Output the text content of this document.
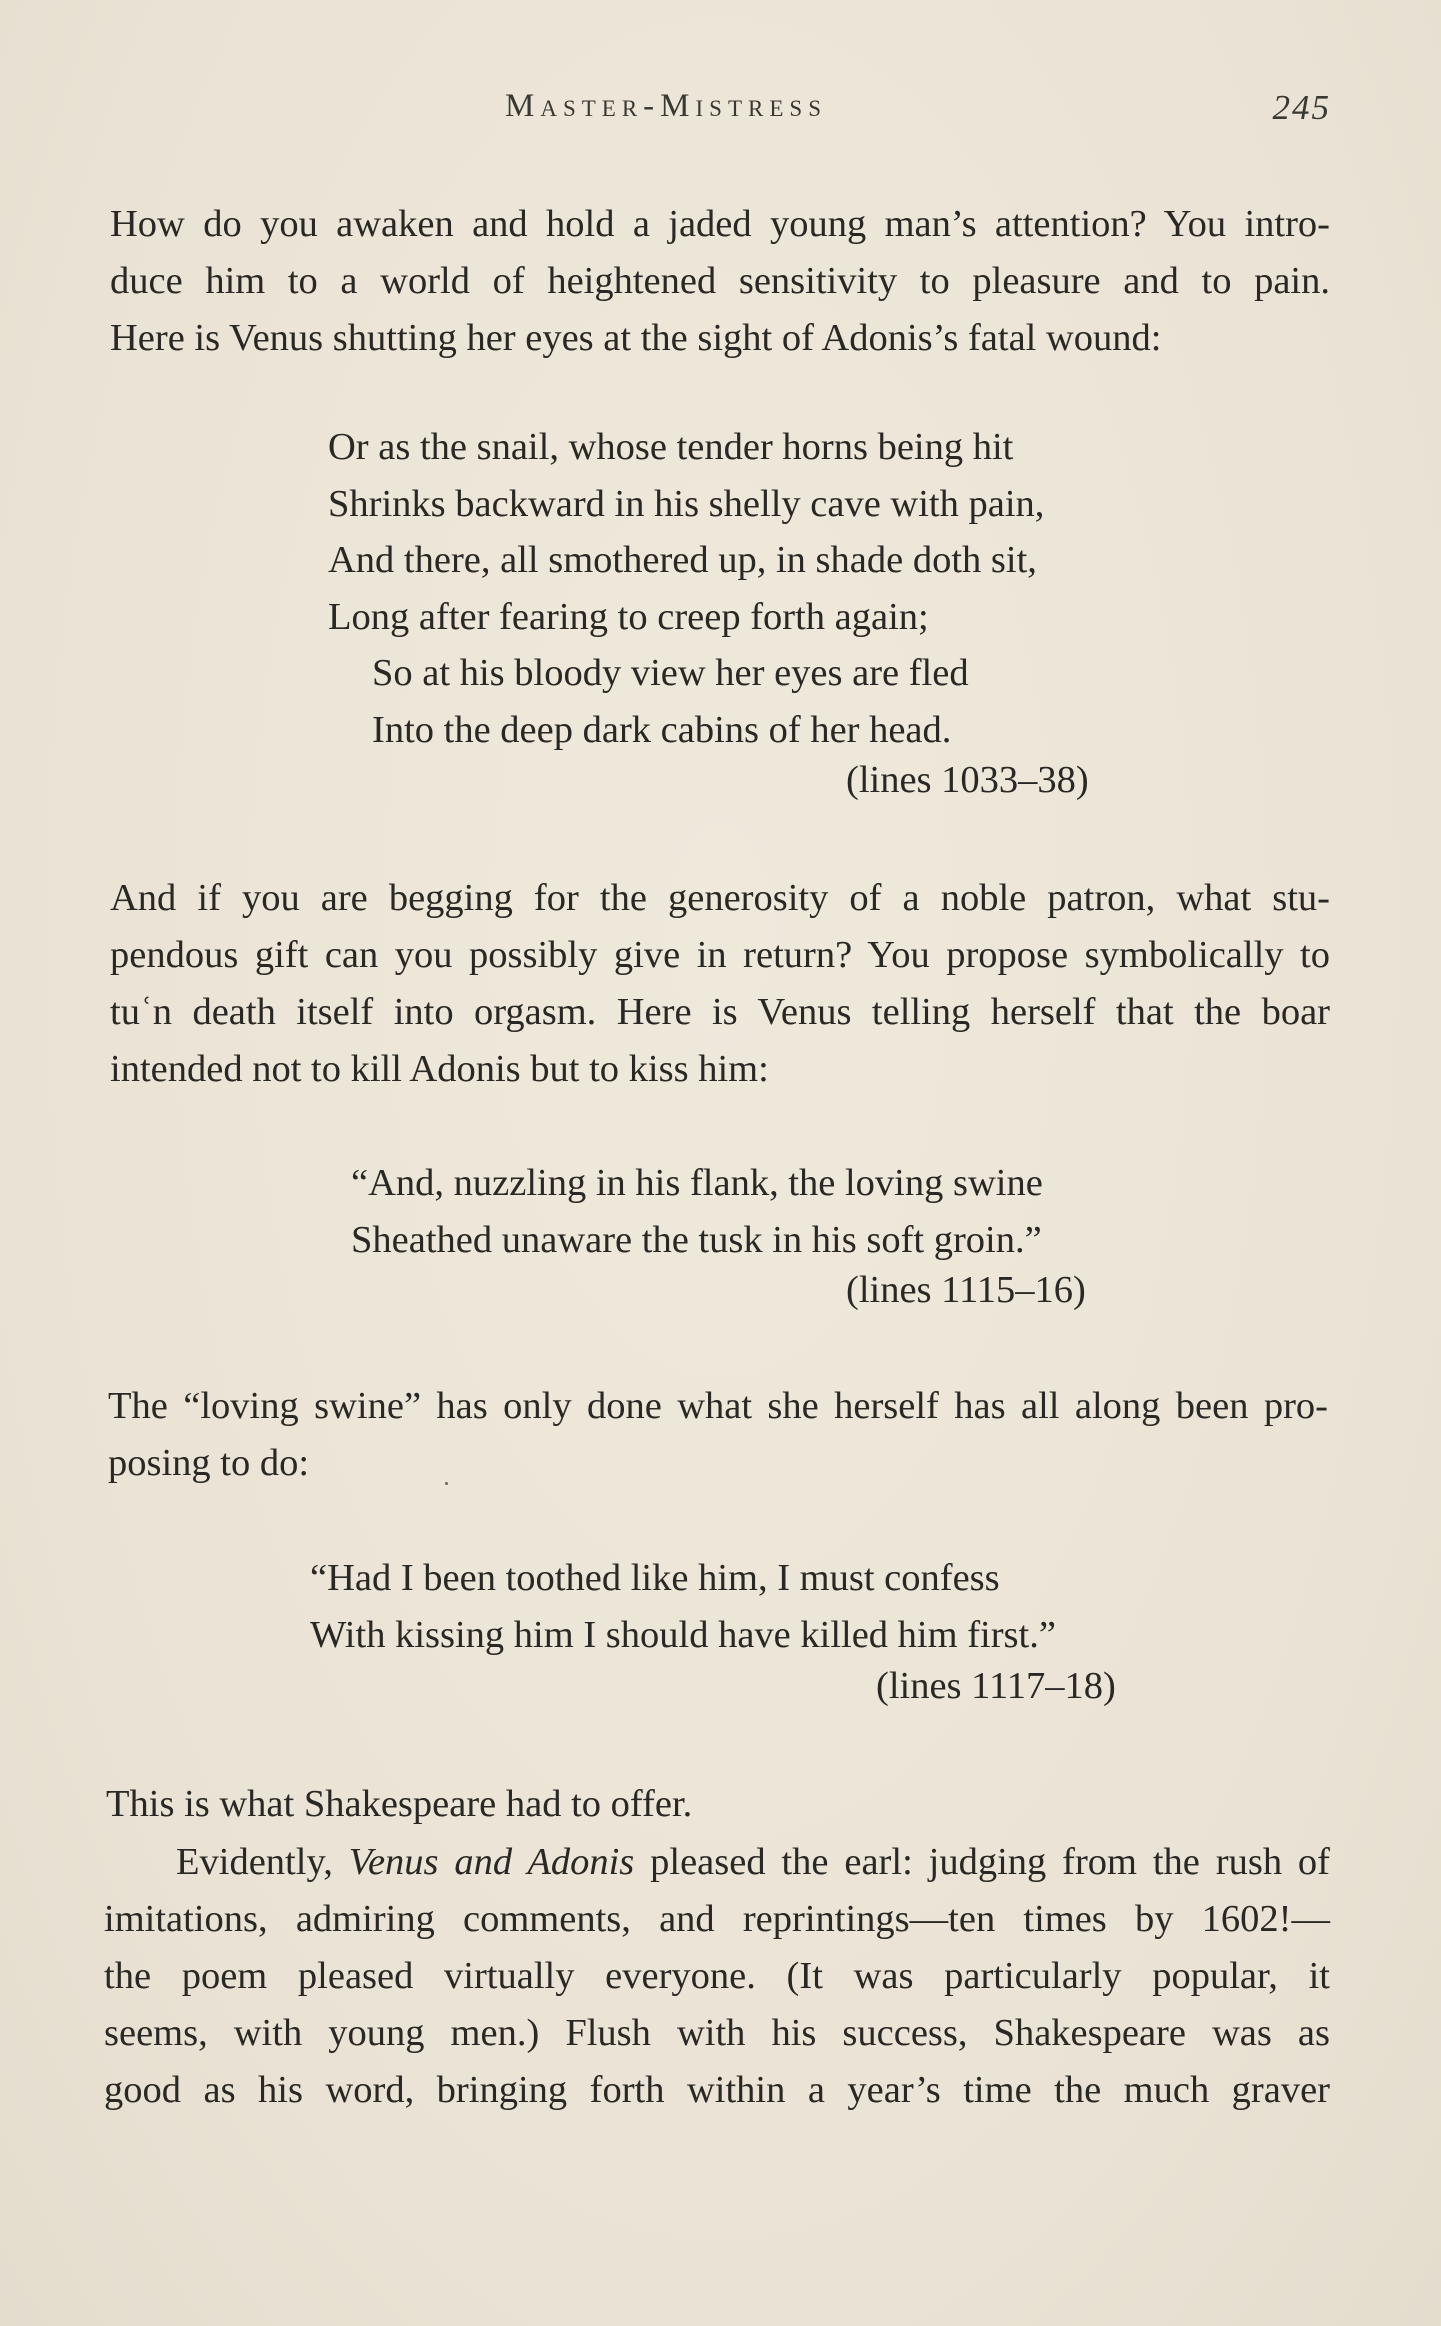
Master-Mistress	245
How do you awaken and hold a jaded young man’s attention? You intro-
duce him to a world of heightened sensitivity to pleasure and to pain.
Here is Venus shutting her eyes at the sight of Adonis’s fatal wound:
Or as the snail, whose tender horns being hit
Shrinks backward in his shelly cave with pain,
And there, all smothered up, in shade doth sit,
Long after fearing to creep forth again;
So at his bloody view her eyes are fled
Into the deep dark cabins of her head.
(lines 1033–38)
And if you are begging for the generosity of a noble patron, what stu-
pendous gift can you possibly give in return? You propose symbolically to
tuʿn death itself into orgasm. Here is Venus telling herself that the boar
intended not to kill Adonis but to kiss him:
“And, nuzzling in his flank, the loving swine
Sheathed unaware the tusk in his soft groin.”
(lines 1115–16)
The “loving swine” has only done what she herself has all along been pro-
posing to do:
“Had I been toothed like him, I must confess
With kissing him I should have killed him first.”
(lines 1117–18)
This is what Shakespeare had to offer.
Evidently, Venus and Adonis pleased the earl: judging from the rush of
imitations, admiring comments, and reprintings—ten times by 1602!—
the poem pleased virtually everyone. (It was particularly popular, it
seems, with young men.) Flush with his success, Shakespeare was as
good as his word, bringing forth within a year’s time the much graver
